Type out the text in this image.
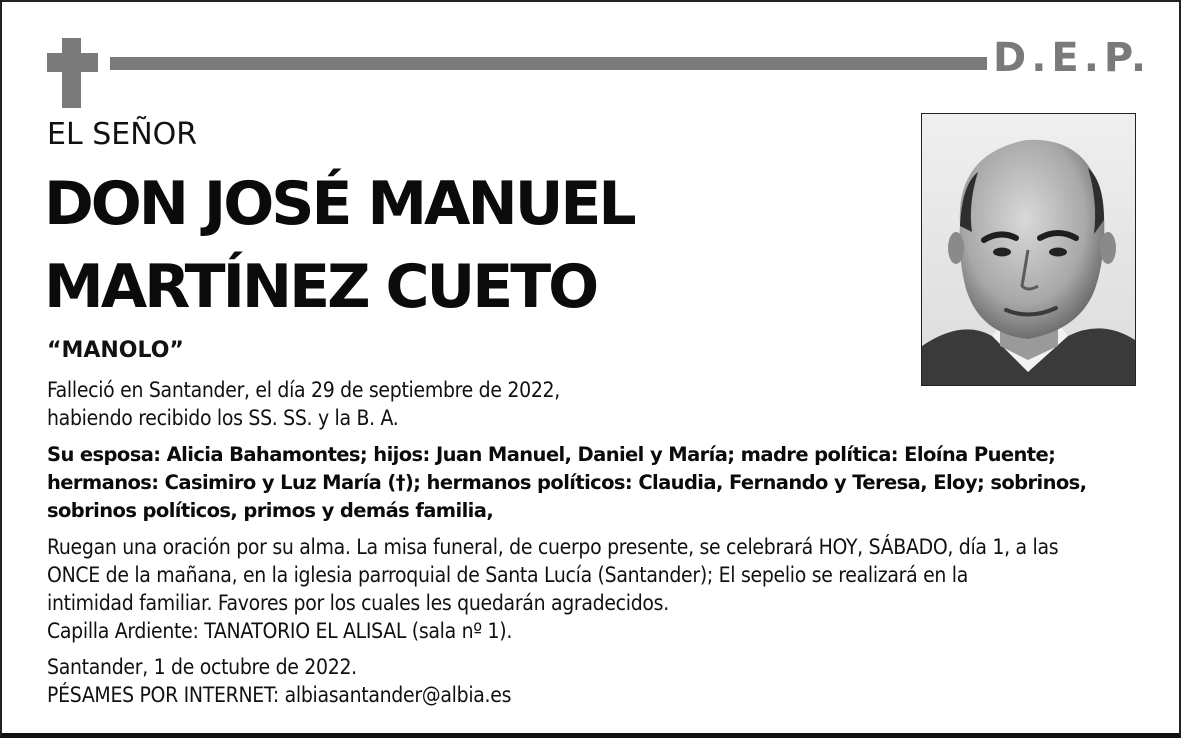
D.E.P.
EL SEÑOR
DON JOSÉ MANUEL
MARTÍNEZ CUETO
“MANOLO”
Falleció en Santander, el día 29 de septiembre de 2022,
habiendo recibido los SS. SS. y la B. A.
Su esposa: Alicia Bahamontes; hijos: Juan Manuel, Daniel y María; madre política: Eloína Puente;
hermanos: Casimiro y Luz María (†); hermanos políticos: Claudia, Fernando y Teresa, Eloy; sobrinos,
sobrinos políticos, primos y demás familia,
Ruegan una oración por su alma. La misa funeral, de cuerpo presente, se celebrará HOY, SÁBADO, día 1, a las
ONCE de la mañana, en la iglesia parroquial de Santa Lucía (Santander); El sepelio se realizará en la
intimidad familiar. Favores por los cuales les quedarán agradecidos.
Capilla Ardiente: TANATORIO EL ALISAL (sala nº 1).
Santander, 1 de octubre de 2022.
PÉSAMES POR INTERNET: albiasantander@albia.es
